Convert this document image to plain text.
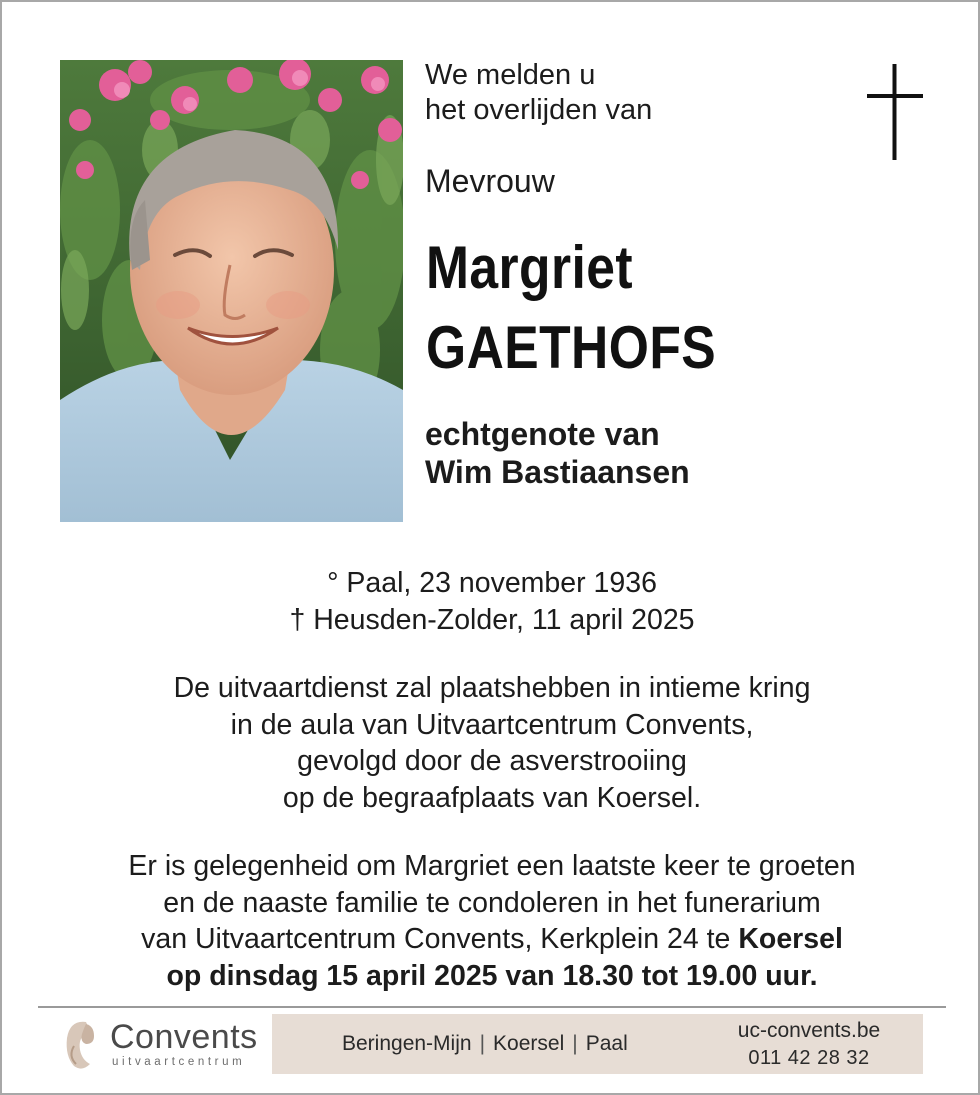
We melden u
het overlijden van
Mevrouw
Margriet
GAETHOFS
echtgenote van
Wim Bastiaansen
° Paal, 23 november 1936
† Heusden-Zolder, 11 april 2025
De uitvaartdienst zal plaatshebben in intieme kring
in de aula van Uitvaartcentrum Convents,
gevolgd door de asverstrooiing
op de begraafplaats van Koersel.
Er is gelegenheid om Margriet een laatste keer te groeten
en de naaste familie te condoleren in het funerarium
van Uitvaartcentrum Convents, Kerkplein 24 te Koersel
op dinsdag 15 april 2025 van 18.30 tot 19.00 uur.
Convents
uitvaartcentrum
Beringen-Mijn | Koersel | Paal
uc-convents.be
011 42 28 32
